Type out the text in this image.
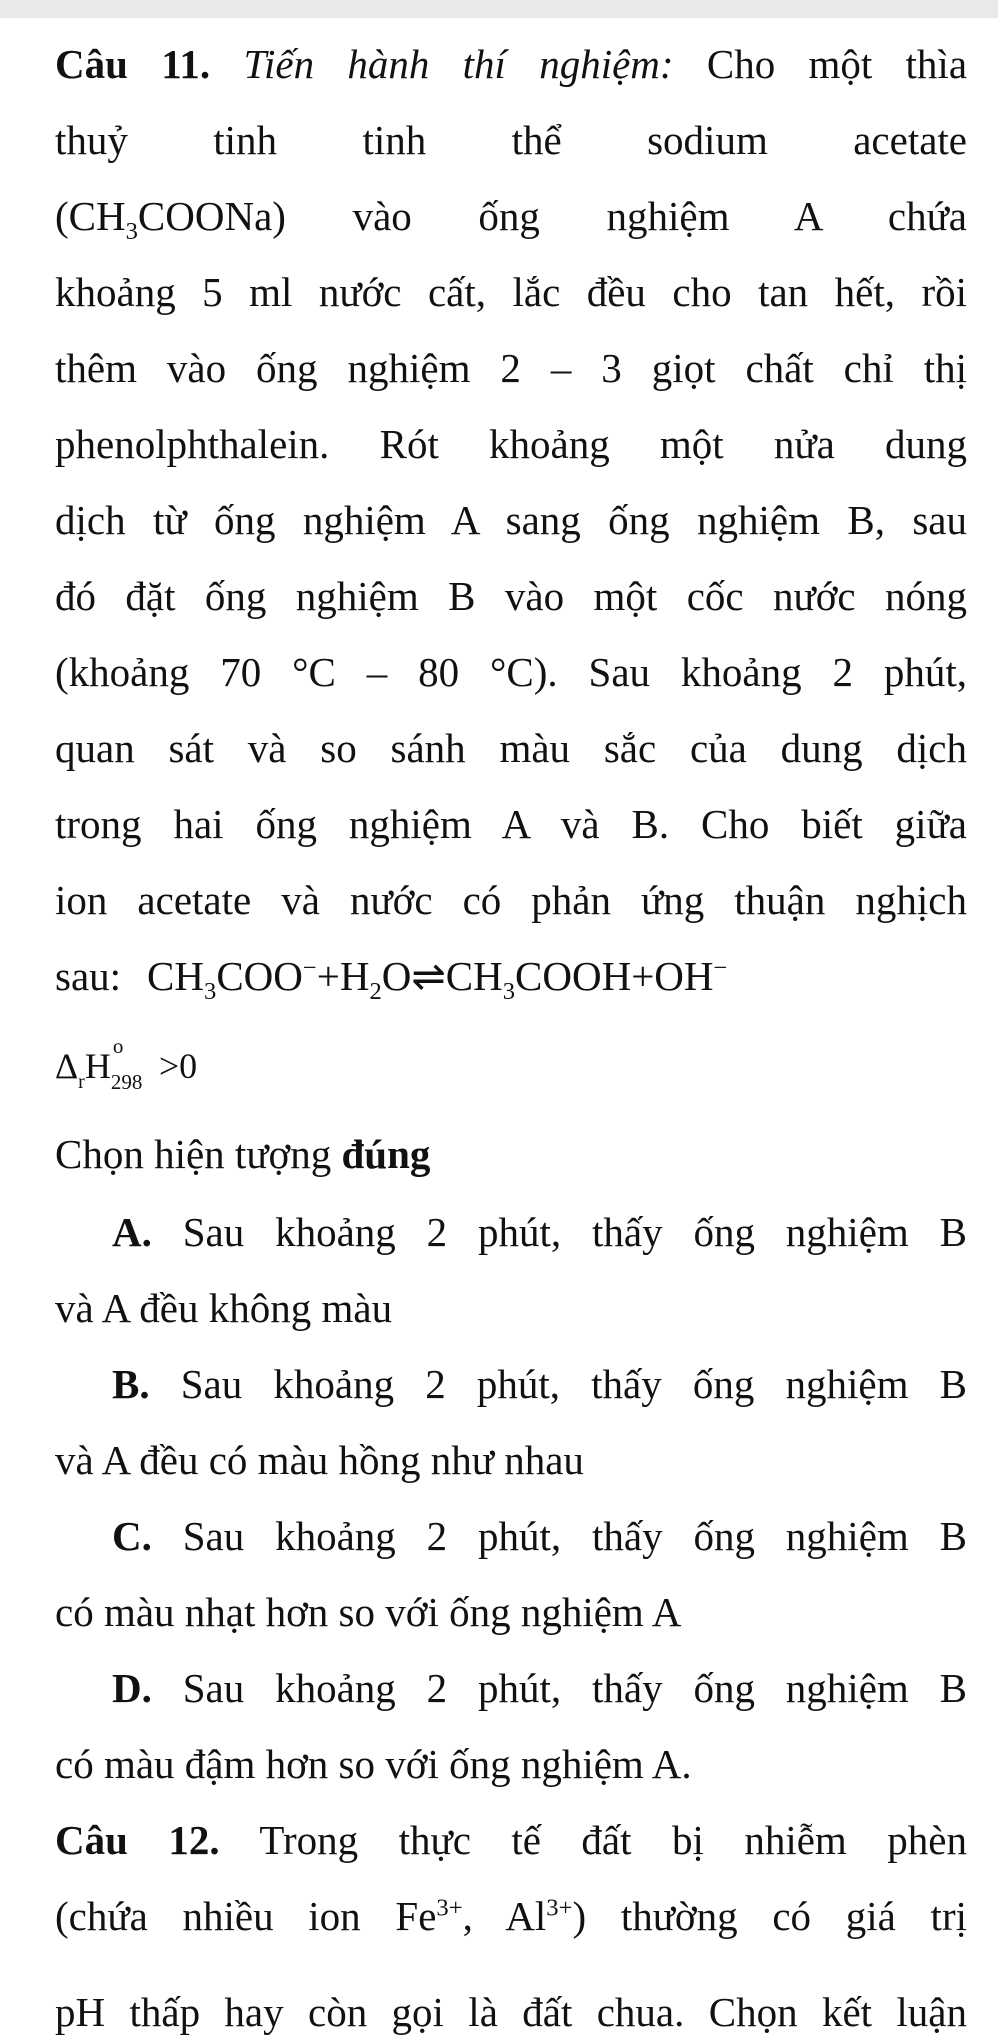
Câu 11. Tiến hành thí nghiệm: Cho một thìa
thuỷ tinh tinh thể sodium acetate
$(CH_3COONa)$ vào ống nghiệm A chứa
khoảng 5 ml nước cất, lắc đều cho tan hết, rồi
thêm vào ống nghiệm 2 – 3 giọt chất chỉ thị
phenolphthalein. Rót khoảng một nửa dung
dịch từ ống nghiệm A sang ống nghiệm B, sau
đó đặt ống nghiệm B vào một cốc nước nóng
(khoảng 70 °C – 80 °C). Sau khoảng 2 phút,
quan sát và so sánh màu sắc của dung dịch
trong hai ống nghiệm A và B. Cho biết giữa
ion acetate và nước có phản ứng thuận nghịch
sau: $CH_3COO^-+H_2O\rightleftharpoons CH_3COOH+OH^-$
$\Delta_rH$
o
298 >0
Chọn hiện tượng đúng
A. Sau khoảng 2 phút, thấy ống nghiệm B
và A đều không màu
B. Sau khoảng 2 phút, thấy ống nghiệm B
và A đều có màu hồng như nhau
C. Sau khoảng 2 phút, thấy ống nghiệm B
có màu nhạt hơn so với ống nghiệm A
D. Sau khoảng 2 phút, thấy ống nghiệm B
có màu đậm hơn so với ống nghiệm A.
Câu 12. Trong thực tế đất bị nhiễm phèn
(chứa nhiều ion $Fe^{3+}$, $Al^{3+}$) thường có giá trị
pH thấp hay còn gọi là đất chua. Chọn kết luận
